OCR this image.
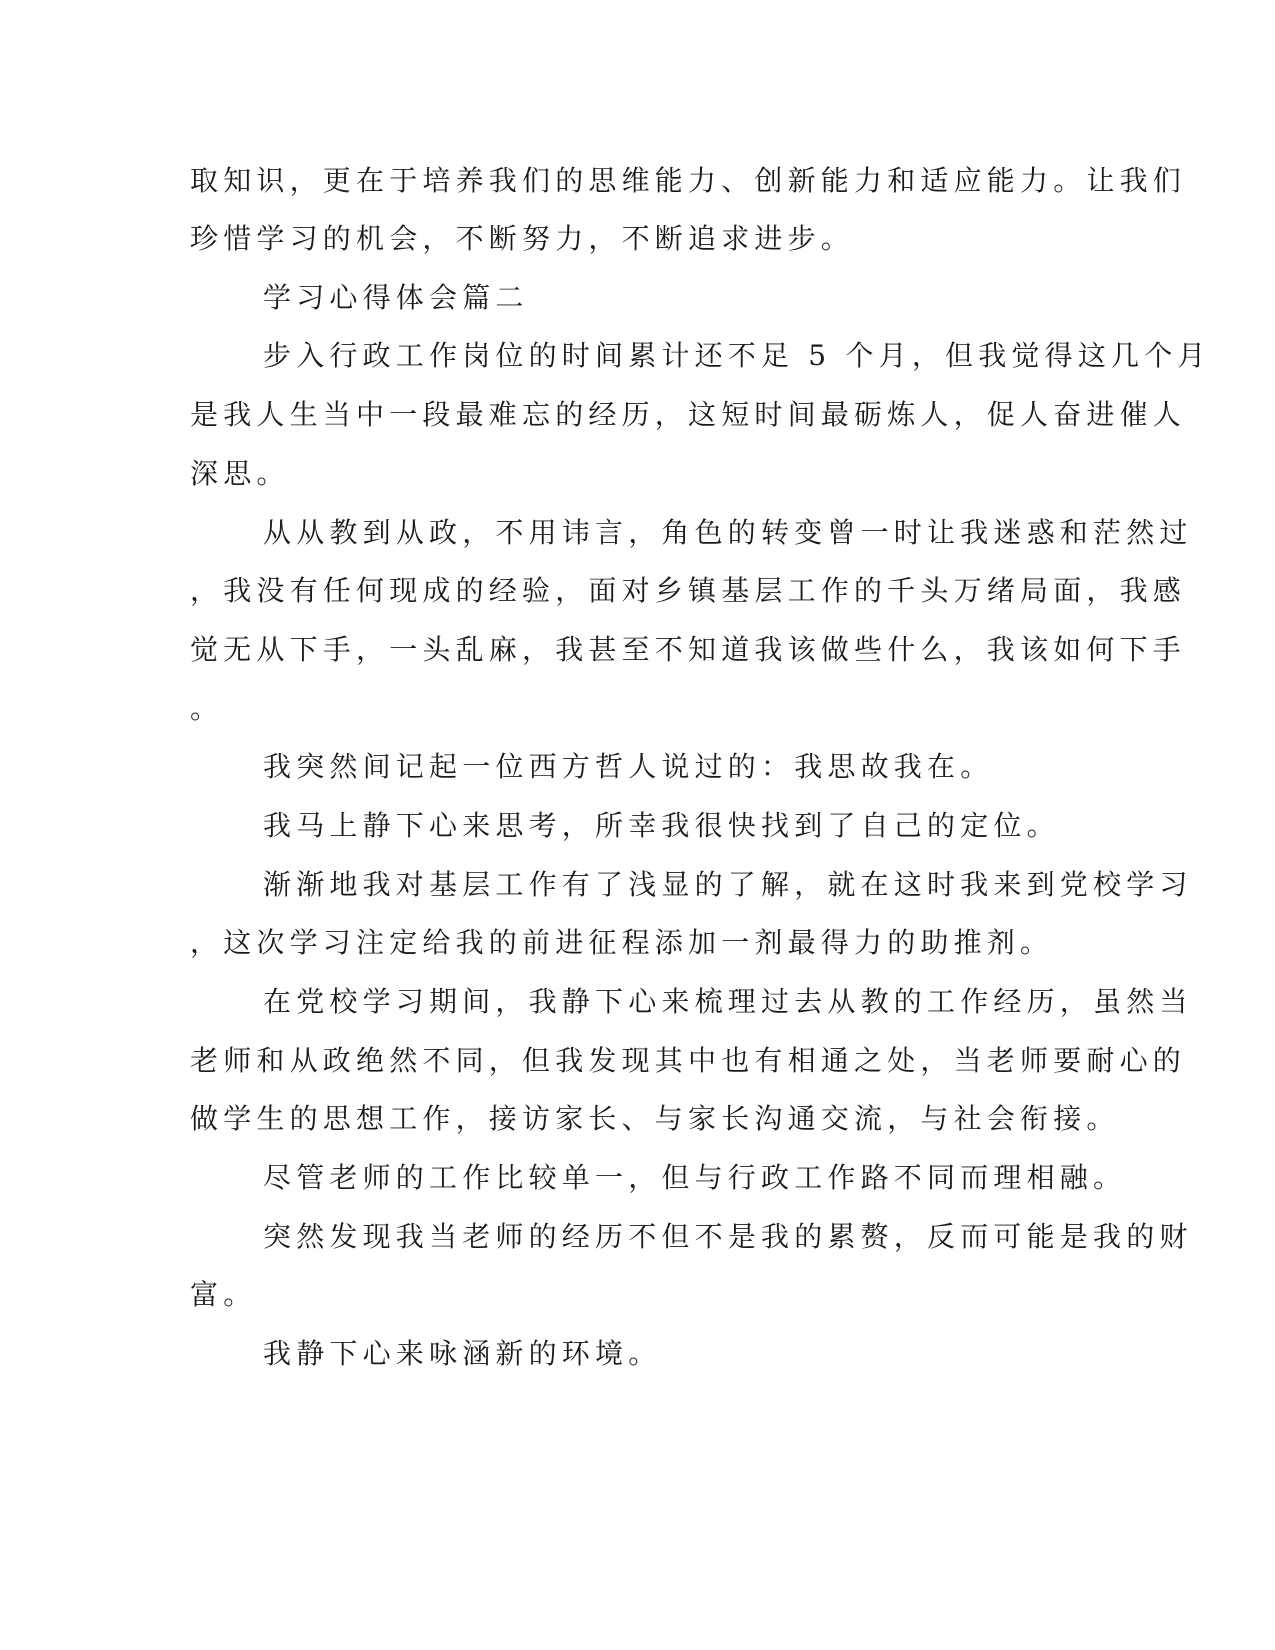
取知识，更在于培养我们的思维能力、创新能力和适应能力。让我们
珍惜学习的机会，不断努力，不断追求进步。
学习心得体会篇二
步入行政工作岗位的时间累计还不足 5 个月，但我觉得这几个月
是我人生当中一段最难忘的经历，这短时间最砺炼人，促人奋进催人
深思。
从从教到从政，不用讳言，角色的转变曾一时让我迷惑和茫然过
，我没有任何现成的经验，面对乡镇基层工作的千头万绪局面，我感
觉无从下手，一头乱麻，我甚至不知道我该做些什么，我该如何下手
。
我突然间记起一位西方哲人说过的：我思故我在。
我马上静下心来思考，所幸我很快找到了自己的定位。
渐渐地我对基层工作有了浅显的了解，就在这时我来到党校学习
，这次学习注定给我的前进征程添加一剂最得力的助推剂。
在党校学习期间，我静下心来梳理过去从教的工作经历，虽然当
老师和从政绝然不同，但我发现其中也有相通之处，当老师要耐心的
做学生的思想工作，接访家长、与家长沟通交流，与社会衔接。
尽管老师的工作比较单一，但与行政工作路不同而理相融。
突然发现我当老师的经历不但不是我的累赘，反而可能是我的财
富。
我静下心来咏涵新的环境。
